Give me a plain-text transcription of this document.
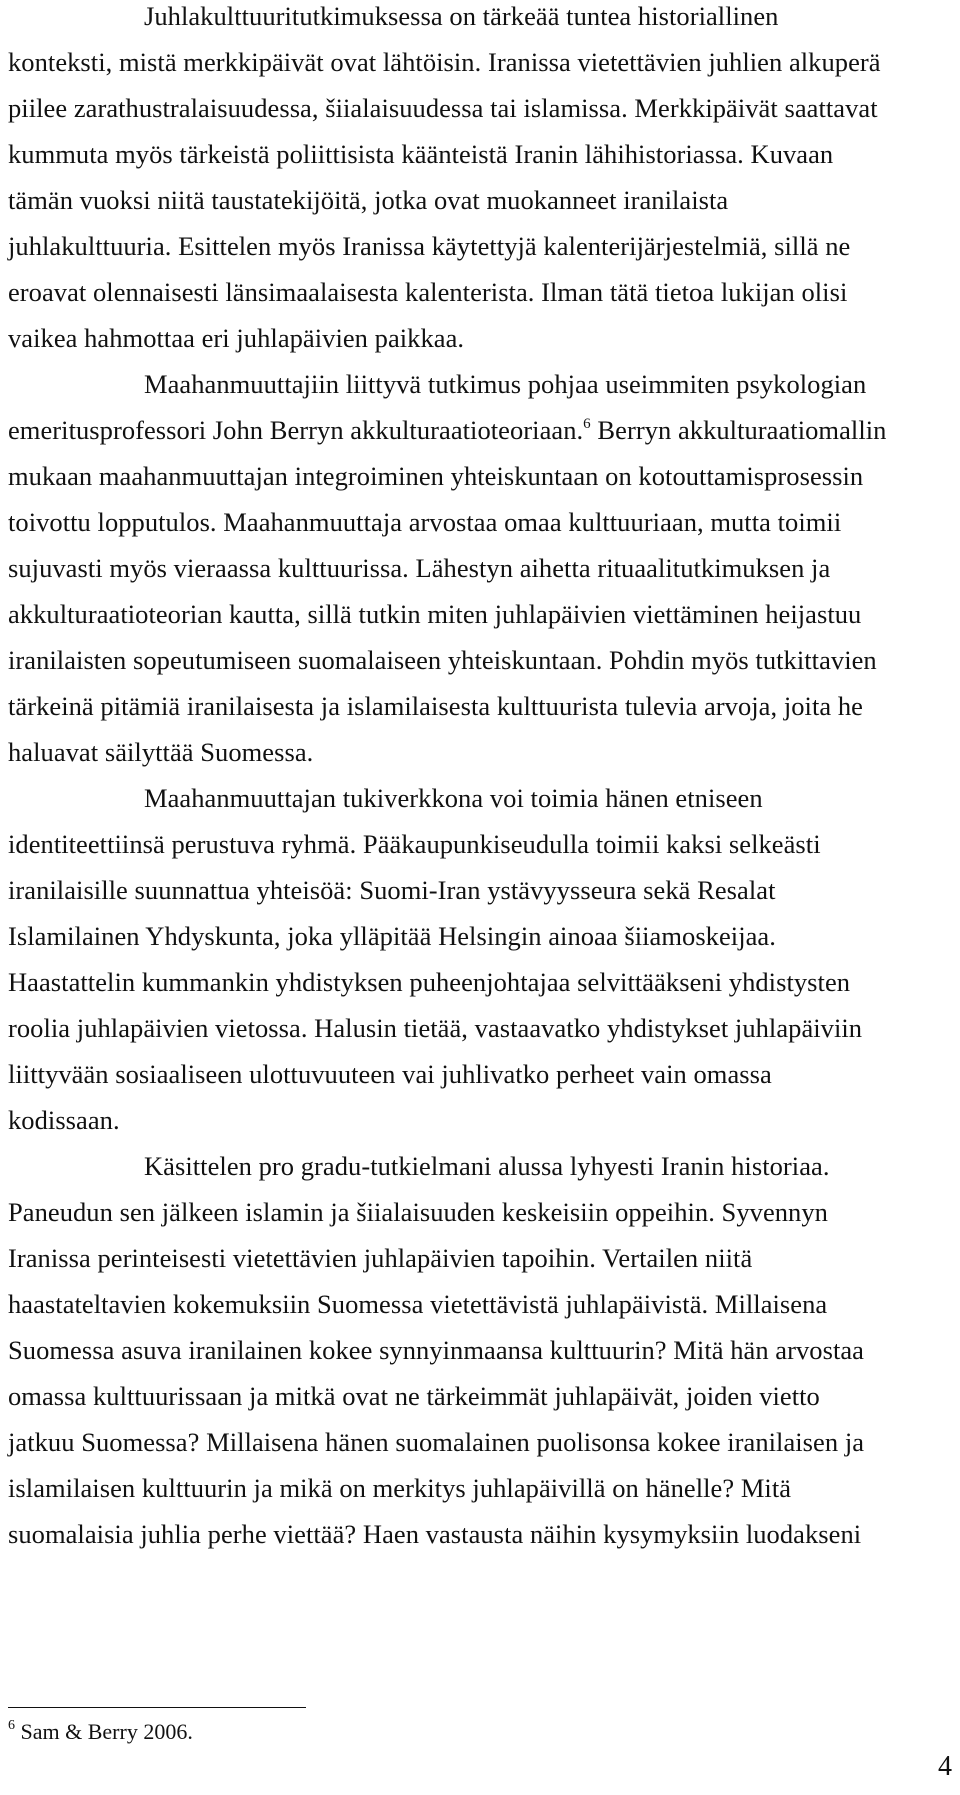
Juhlakulttuuritutkimuksessa on tärkeää tuntea historiallinen
konteksti, mistä merkkipäivät ovat lähtöisin. Iranissa vietettävien juhlien alkuperä
piilee zarathustralaisuudessa, šiialaisuudessa tai islamissa. Merkkipäivät saattavat
kummuta myös tärkeistä poliittisista käänteistä Iranin lähihistoriassa. Kuvaan
tämän vuoksi niitä taustatekijöitä, jotka ovat muokanneet iranilaista
juhlakulttuuria. Esittelen myös Iranissa käytettyjä kalenterijärjestelmiä, sillä ne
eroavat olennaisesti länsimaalaisesta kalenterista. Ilman tätä tietoa lukijan olisi
vaikea hahmottaa eri juhlapäivien paikkaa.
Maahanmuuttajiin liittyvä tutkimus pohjaa useimmiten psykologian
emeritusprofessori John Berryn akkulturaatioteoriaan.$^6$ Berryn akkulturaatiomallin
mukaan maahanmuuttajan integroiminen yhteiskuntaan on kotouttamisprosessin
toivottu lopputulos. Maahanmuuttaja arvostaa omaa kulttuuriaan, mutta toimii
sujuvasti myös vieraassa kulttuurissa. Lähestyn aihetta rituaalitutkimuksen ja
akkulturaatioteorian kautta, sillä tutkin miten juhlapäivien viettäminen heijastuu
iranilaisten sopeutumiseen suomalaiseen yhteiskuntaan. Pohdin myös tutkittavien
tärkeinä pitämiä iranilaisesta ja islamilaisesta kulttuurista tulevia arvoja, joita he
haluavat säilyttää Suomessa.
Maahanmuuttajan tukiverkkona voi toimia hänen etniseen
identiteettiinsä perustuva ryhmä. Pääkaupunkiseudulla toimii kaksi selkeästi
iranilaisille suunnattua yhteisöä: Suomi-Iran ystävyysseura sekä Resalat
Islamilainen Yhdyskunta, joka ylläpitää Helsingin ainoaa šiiamoskeijaa.
Haastattelin kummankin yhdistyksen puheenjohtajaa selvittääkseni yhdistysten
roolia juhlapäivien vietossa. Halusin tietää, vastaavatko yhdistykset juhlapäiviin
liittyvään sosiaaliseen ulottuvuuteen vai juhlivatko perheet vain omassa
kodissaan.
Käsittelen pro gradu-tutkielmani alussa lyhyesti Iranin historiaa.
Paneudun sen jälkeen islamin ja šiialaisuuden keskeisiin oppeihin. Syvennyn
Iranissa perinteisesti vietettävien juhlapäivien tapoihin. Vertailen niitä
haastateltavien kokemuksiin Suomessa vietettävistä juhlapäivistä. Millaisena
Suomessa asuva iranilainen kokee synnyinmaansa kulttuurin? Mitä hän arvostaa
omassa kulttuurissaan ja mitkä ovat ne tärkeimmät juhlapäivät, joiden vietto
jatkuu Suomessa? Millaisena hänen suomalainen puolisonsa kokee iranilaisen ja
islamilaisen kulttuurin ja mikä on merkitys juhlapäivillä on hänelle? Mitä
suomalaisia juhlia perhe viettää? Haen vastausta näihin kysymyksiin luodakseni
$^6$ Sam & Berry 2006.
4
